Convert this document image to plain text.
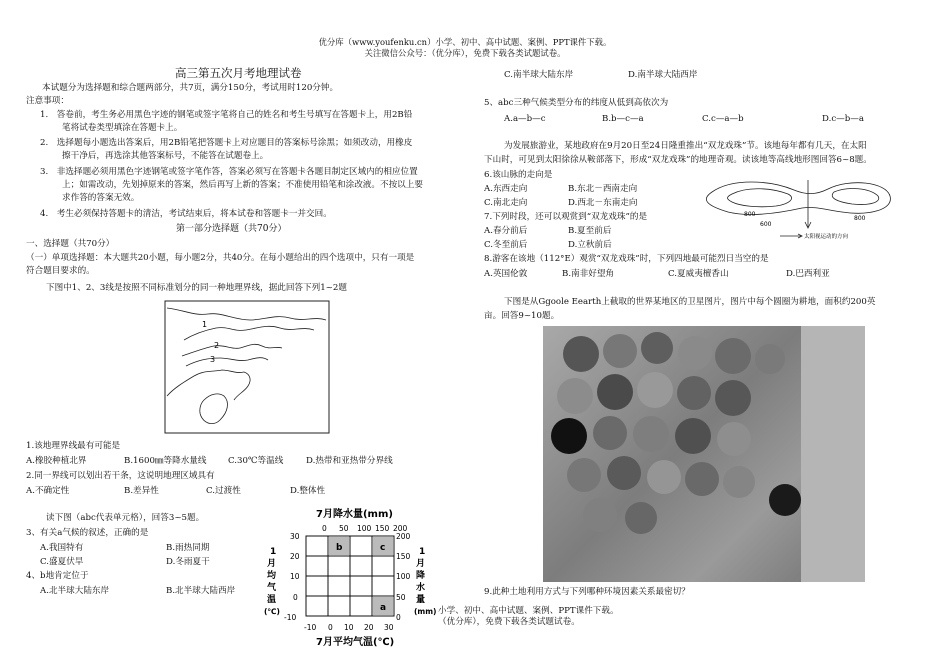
优分库（www.youfenku.cn）小学、初中、高中试题、案例、PPT课件下载。
关注微信公众号：（优分库），免费下载各类试题试卷。
高三第五次月考地理试卷
本试题分为选择题和综合题两部分，共7页，满分150分，考试用时120分钟。
注意事项：
1.　答卷前，考生务必用黑色字迹的钢笔或签字笔将自己的姓名和考生号填写在答题卡上，用2B铅
笔将试卷类型填涂在答题卡上。
2.　选择题每小题选出答案后，用2B铅笔把答题卡上对应题目的答案标号涂黑；如须改动，用橡皮
擦干净后，再选涂其他答案标号，不能答在试题卷上。
3.　非选择题必须用黑色字迹钢笔或签字笔作答，答案必须写在答题卡各题目制定区域内的相应位置
上；如需改动，先划掉原来的答案，然后再写上新的答案；不准使用铅笔和涂改液。不按以上要
求作答的答案无效。
4.　考生必须保持答题卡的清洁，考试结束后，将本试卷和答题卡一并交回。
第一部分选择题（共70分）
一、选择题（共70分）
（一）单项选择题：本大题共20小题，每小题2分，共40分。在每小题给出的四个选项中，只有一项是
符合题目要求的。
下图中1、2、3线是按照不同标准划分的同一种地理界线，据此回答下列1~2题
1
2
3
1.该地理界线最有可能是
A.橡胶种植北界	B.1600㎜等降水量线	C.30℃等温线	D.热带和亚热带分界线
2.同一界线可以划出若干条，这说明地理区域具有
A.不确定性	B.差异性	C.过渡性	D.整体性
读下图（abc代表单元格），回答3~5题。
3、有关a气候的叙述，正确的是
A.我国特有	B.雨热同期
C.盛夏伏旱	D.冬雨夏干
4、b地肯定位于
A.北半球大陆东岸	B.北半球大陆西岸
7月降水量(mm)
7月平均气温(℃)
0 50 100 150 200
-10 0 10 20 30
30
20
10
0
-10
200
150
100
50
0
1
月
均
气
温
(℃)
1
月
降
水
量
(mm)
b	c
a
C.南半球大陆东岸	D.南半球大陆西岸
5、abc三种气候类型分布的纬度从低到高依次为
A.a—b—c	B.b—c—a	C.c—a—b	D.c—b—a
为发展旅游业，某地政府在9月20日至24日隆重推出“双龙戏珠”节。该地每年都有几天，在太阳
下山时，可见到太阳徐徐从鞍部落下，形成“双龙戏珠”的地理奇观。读该地等高线地形图回答6~8题。
6.该山脉的走向是
A.东西走向	B.东北－西南走向
C.南北走向	D.西北－东南走向
7.下列时段，还可以观赏到“双龙戏珠”的是
A.春分前后	B.夏至前后
C.冬至前后	D.立秋前后
8.游客在该地（112°E）观赏“双龙戏珠”时，下列四地最可能烈日当空的是
A.英国伦敦	B.南非好望角	C.夏威夷檀香山	D.巴西利亚
800
800
600
太阳视运动的方向
下图是从Ggoole Eearth上截取的世界某地区的卫星图片，图片中每个圆圈为耕地，面积约200英
亩。回答9~10题。
9.此种土地利用方式与下列哪种环境因素关系最密切？
小学、初中、高中试题、案例、PPT课件下载。
（优分库），免费下载各类试题试卷。
